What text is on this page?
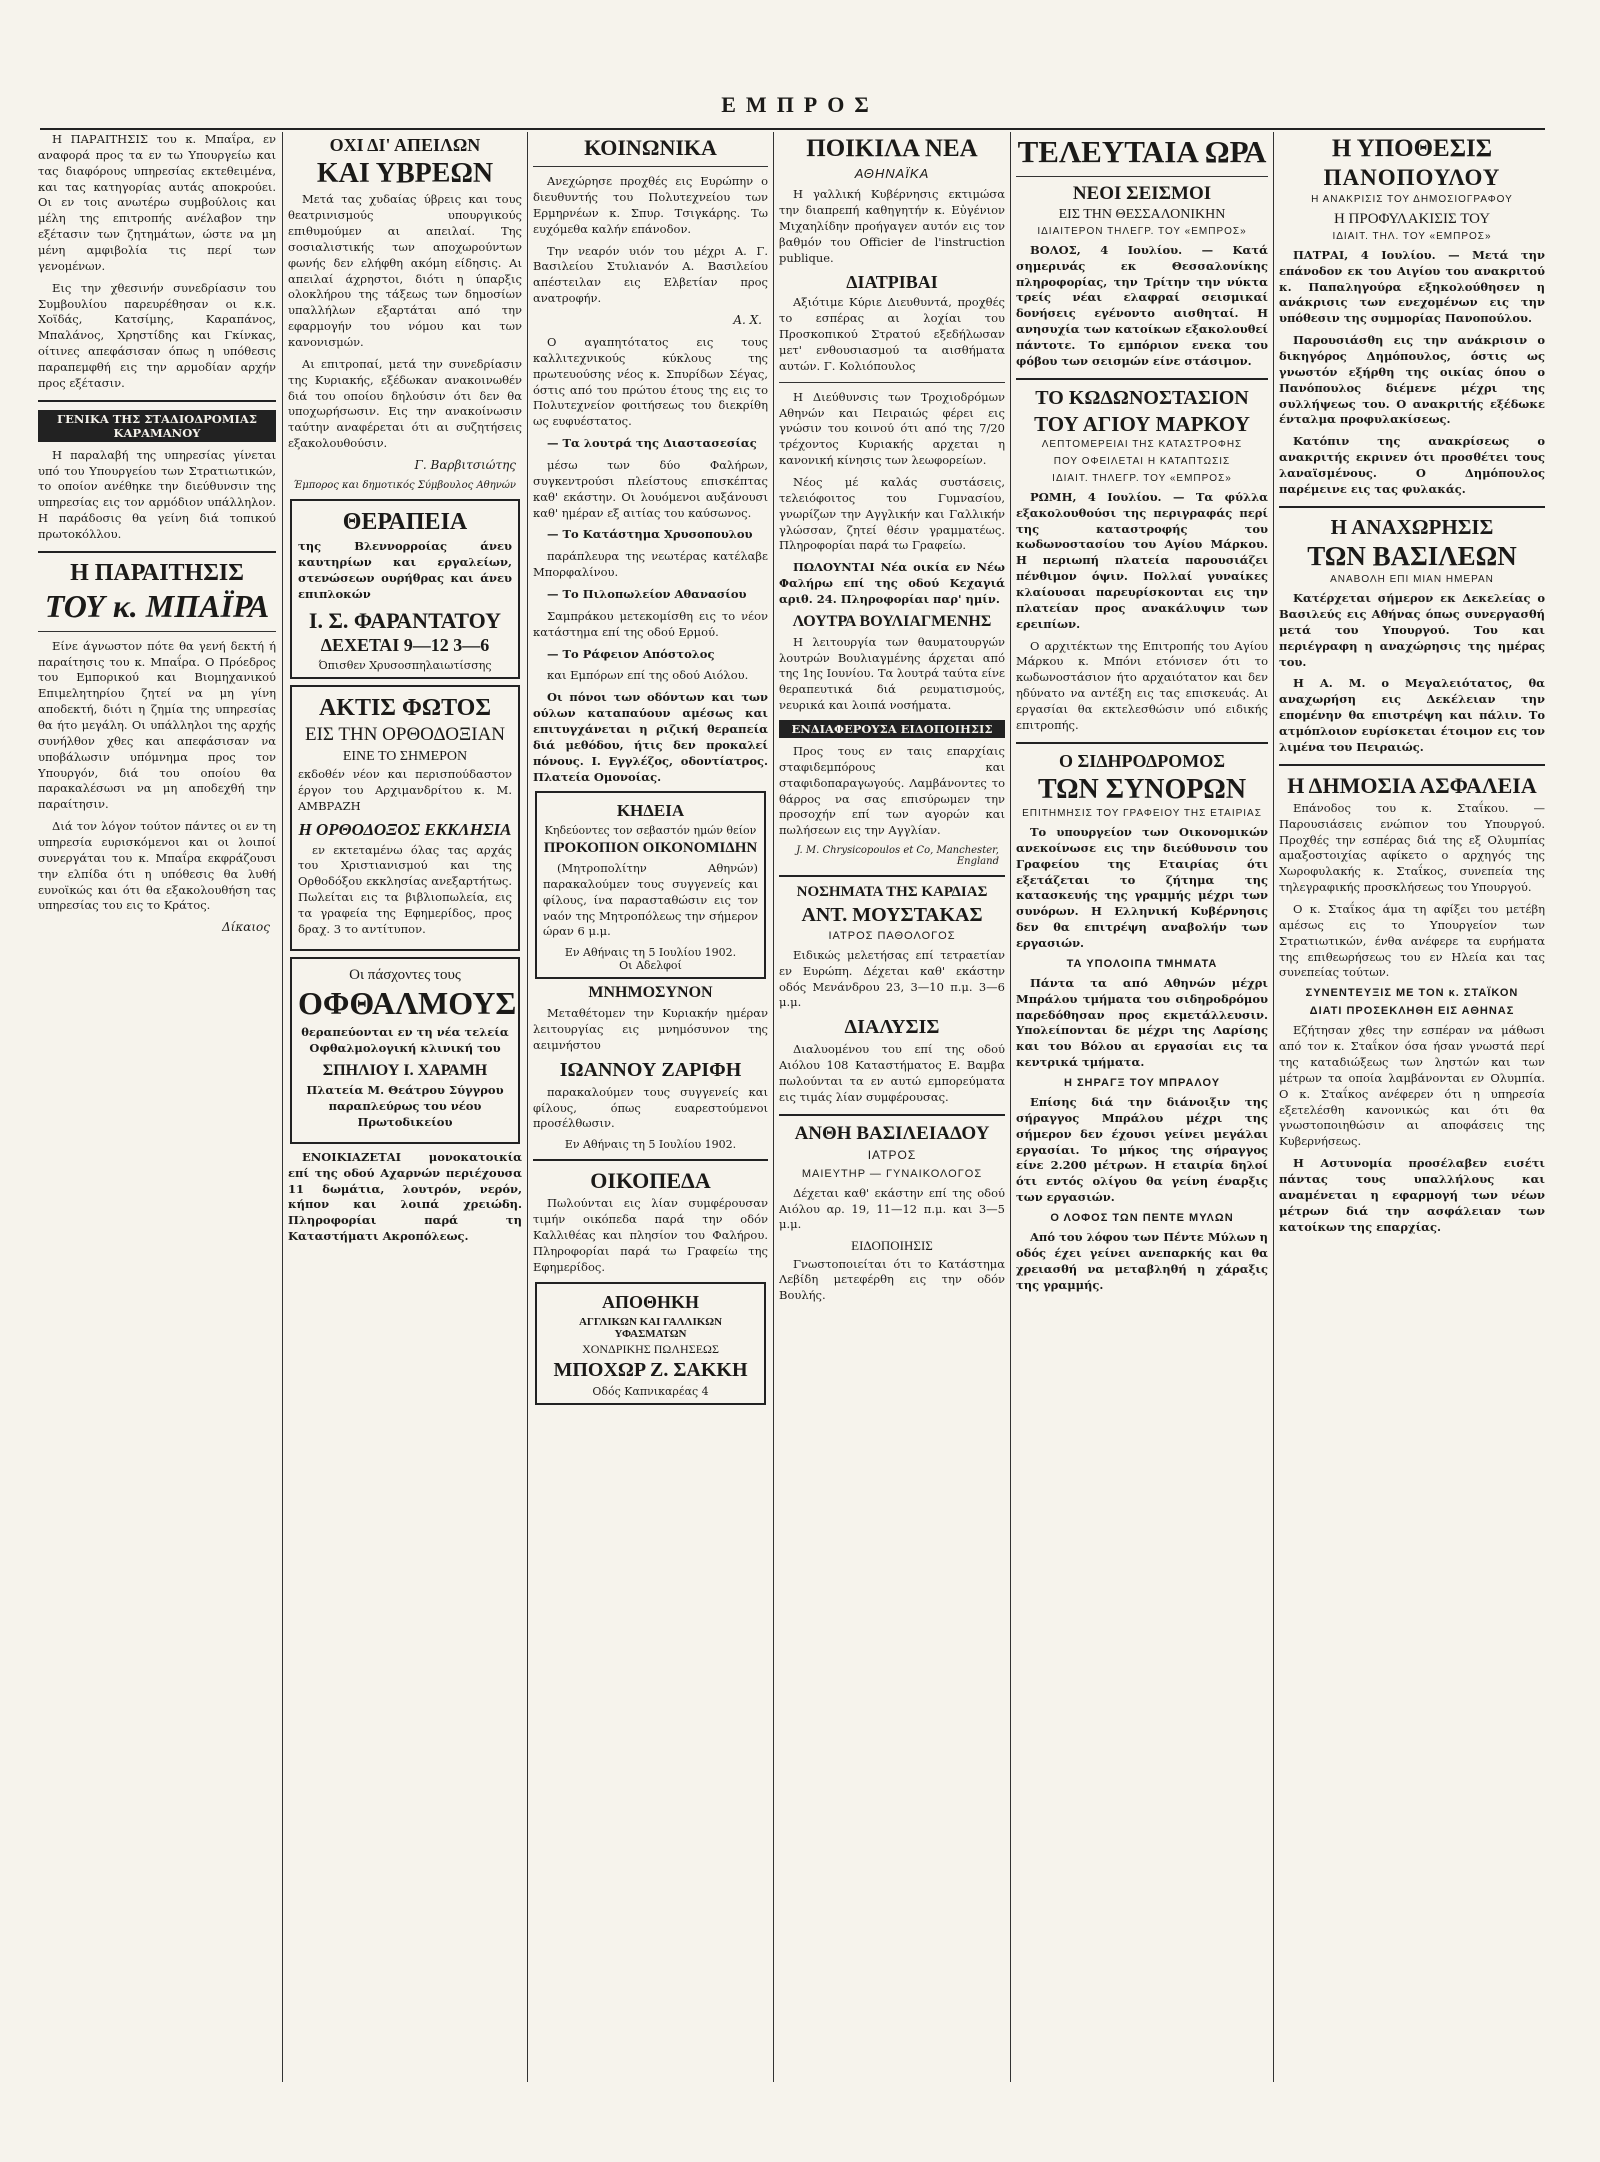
ΕΜΠΡΟΣ
Η ΠΑΡΑΙΤΗΣΙΣ του κ. Μπαΐρα, εν αναφορά προς τα εν τω Υπουργείω και τας διαφόρους υπηρεσίας εκτεθειμένα, και τας κατηγορίας αυτάς αποκρούει. Οι εν τοις ανωτέρω συμβούλοις και μέλη της επιτροπής ανέλαβον την εξέτασιν των ζητημάτων, ώστε να μη μένη αμφιβολία τις περί των γενομένων.
Εις την χθεσινήν συνεδρίασιν του Συμβουλίου παρευρέθησαν οι κ.κ. Χοϊδάς, Κατσίμης, Καραπάνος, Μπαλάνος, Χρηστίδης και Γκίνκας, οίτινες απεφάσισαν όπως η υπόθεσις παραπεμφθή εις την αρμοδίαν αρχήν προς εξέτασιν.
ΓΕΝΙΚΑ ΤΗΣ ΣΤΑΔΙΟΔΡΟΜΙΑΣ ΚΑΡΑΜΑΝΟΥ
Η παραλαβή της υπηρεσίας γίνεται υπό του Υπουργείου των Στρατιωτικών, το οποίον ανέθηκε την διεύθυνσιν της υπηρεσίας εις τον αρμόδιον υπάλληλον. Η παράδοσις θα γείνη διά τοπικού πρωτοκόλλου.
Η ΠΑΡΑΙΤΗΣΙΣ
ΤΟΥ κ. ΜΠΑΪΡΑ
Είνε άγνωστον πότε θα γενή δεκτή ή παραίτησις του κ. Μπαΐρα. Ο Πρόεδρος του Εμπορικού και Βιομηχανικού Επιμελητηρίου ζητεί να μη γίνη αποδεκτή, διότι η ζημία της υπηρεσίας θα ήτο μεγάλη. Οι υπάλληλοι της αρχής συνήλθον χθες και απεφάσισαν να υποβάλωσιν υπόμνημα προς τον Υπουργόν, διά του οποίου θα παρακαλέσωσι να μη αποδεχθή την παραίτησιν.
Διά τον λόγον τούτον πάντες οι εν τη υπηρεσία ευρισκόμενοι και οι λοιποί συνεργάται του κ. Μπαΐρα εκφράζουσι την ελπίδα ότι η υπόθεσις θα λυθή ευνοϊκώς και ότι θα εξακολουθήση τας υπηρεσίας του εις το Κράτος.
Δίκαιος
ΟΧΙ ΔΙ' ΑΠΕΙΛΩΝ
ΚΑΙ ΥΒΡΕΩΝ
Μετά τας χυδαίας ύβρεις και τους θεατρινισμούς υπουργικούς επιθυμούμεν αι απειλαί. Της σοσιαλιστικής των αποχωρούντων φωνής δεν ελήφθη ακόμη είδησις. Αι απειλαί άχρηστοι, διότι η ύπαρξις ολοκλήρου της τάξεως των δημοσίων υπαλλήλων εξαρτάται από την εφαρμογήν του νόμου και των κανονισμών.
Αι επιτροπαί, μετά την συνεδρίασιν της Κυριακής, εξέδωκαν ανακοινωθέν διά του οποίου δηλούσιν ότι δεν θα υποχωρήσωσιν. Εις την ανακοίνωσιν ταύτην αναφέρεται ότι αι συζητήσεις εξακολουθούσιν.
Γ. Βαρβιτσιώτης
Έμπορος και δημοτικός Σύμβουλος Αθηνών
ΘΕΡΑΠΕΙΑ
της Βλεννορροίας άνευ καυτηρίων και εργαλείων, στενώσεων ουρήθρας και άνευ επιπλοκών
Ι. Σ. ΦΑΡΑΝΤΑΤΟΥ
ΔΕΧΕΤΑΙ 9—12 3—6
Όπισθεν Χρυσοσπηλαιωτίσσης
ΑΚΤΙΣ ΦΩΤΟΣ
ΕΙΣ ΤΗΝ ΟΡΘΟΔΟΞΙΑΝ
ΕΙΝΕ ΤΟ ΣΗΜΕΡΟΝ
εκδοθέν νέον και περισπούδαστον έργον του Αρχιμανδρίτου κ. Μ. ΑΜΒΡΑΖΗ
Η ΟΡΘΟΔΟΞΟΣ ΕΚΚΛΗΣΙΑ
εν εκτεταμένω όλας τας αρχάς του Χριστιανισμού και της Ορθοδόξου εκκλησίας ανεξαρτήτως. Πωλείται εις τα βιβλιοπωλεία, εις τα γραφεία της Εφημερίδος, προς δραχ. 3 το αντίτυπον.
Οι πάσχοντες τους
ΟΦΘΑΛΜΟΥΣ
θεραπεύονται εν τη νέα τελεία Οφθαλμολογική κλινική του
ΣΠΗΛΙΟΥ Ι. ΧΑΡΑΜΗ
Πλατεία Μ. Θεάτρου Σύγγρου παραπλεύρως του νέου Πρωτοδικείου
ΕΝΟΙΚΙΑΖΕΤΑΙ μονοκατοικία επί της οδού Αχαρνών περιέχουσα 11 δωμάτια, λουτρόν, νερόν, κήπον και λοιπά χρειώδη. Πληροφορίαι παρά τη Καταστήματι Ακροπόλεως.
ΚΟΙΝΩΝΙΚΑ
Ανεχώρησε προχθές εις Ευρώπην ο διευθυντής του Πολυτεχνείου των Ερμηρνέων κ. Σπυρ. Τσιγκάρης. Τω ευχόμεθα καλήν επάνοδον.
Την νεαρόν υιόν του μέχρι Α. Γ. Βασιλείου Στυλιανόν Α. Βασιλείου απέστειλαν εις Ελβετίαν προς ανατροφήν.
Α. Χ.
Ο αγαπητότατος εις τους καλλιτεχνικούς κύκλους της πρωτευούσης νέος κ. Σπυρίδων Σέγας, όστις από του πρώτου έτους της εις το Πολυτεχνείον φοιτήσεως του διεκρίθη ως ευφυέστατος.
— Τα λουτρά της Διαστασεσίας
μέσω των δύο Φαλήρων, συγκεντρούσι πλείστους επισκέπτας καθ' εκάστην. Οι λουόμενοι αυξάνουσι καθ' ημέραν εξ αιτίας του καύσωνος.
— Το Κατάστημα Χρυσοπουλου
παράπλευρα της νεωτέρας κατέλαβε Μπορφαλίνου.
— Το Πιλοπωλείον Αθανασίου
Σαμπράκου μετεκομίσθη εις το νέον κατάστημα επί της οδού Ερμού.
— Το Ράφειον Απόστολος
και Εμπόρων επί της οδού Αιόλου.
Οι πόνοι των οδόντων και των ούλων καταπαύουν αμέσως και επιτυγχάνεται η ριζική θεραπεία διά μεθόδου, ήτις δεν προκαλεί πόνους. Ι. Εγγλέζος, οδοντίατρος. Πλατεία Ομονοίας.
ΚΗΔΕΙΑ
Κηδεύοντες τον σεβαστόν ημών θείον
ΠΡΟΚΟΠΙΟΝ ΟΙΚΟΝΟΜΙΔΗΝ
(Μητροπολίτην Αθηνών) παρακαλούμεν τους συγγενείς και φίλους, ίνα παρασταθώσιν εις τον ναόν της Μητροπόλεως την σήμερον ώραν 6 μ.μ.
Εν Αθήναις τη 5 Ιουλίου 1902.
Οι Αδελφοί
ΜΝΗΜΟΣΥΝΟΝ
Μεταθέτομεν την Κυριακήν ημέραν λειτουργίας εις μνημόσυνον της αειμνήστου
ΙΩΑΝΝΟΥ ΖΑΡΙΦΗ
παρακαλούμεν τους συγγενείς και φίλους, όπως ευαρεστούμενοι προσέλθωσιν.
Εν Αθήναις τη 5 Ιουλίου 1902.
ΟΙΚΟΠΕΔΑ
Πωλούνται εις λίαν συμφέρουσαν τιμήν οικόπεδα παρά την οδόν Καλλιθέας και πλησίον του Φαλήρου. Πληροφορίαι παρά τω Γραφείω της Εφημερίδος.
ΑΠΟΘΗΚΗ
ΑΓΓΛΙΚΩΝ ΚΑΙ ΓΑΛΛΙΚΩΝ ΥΦΑΣΜΑΤΩΝ
ΧΟΝΔΡΙΚΗΣ ΠΩΛΗΣΕΩΣ
ΜΠΟΧΩΡ Ζ. ΣΑΚΚΗ
Οδός Καπνικαρέας 4
ΠΟΙΚΙΛΑ ΝΕΑ
ΑΘΗΝΑΪΚΑ
Η γαλλική Κυβέρνησις εκτιμώσα την διαπρεπή καθηγητήν κ. Εὐγένιον Μιχαηλίδην προήγαγεν αυτόν εις τον βαθμόν του Officier de l'instruction publique.
ΔΙΑΤΡΙΒΑΙ
Αξιότιμε Κύριε Διευθυντά, προχθές το εσπέρας αι λοχίαι του Προσκοπικού Στρατού εξεδήλωσαν μετ' ενθουσιασμού τα αισθήματα αυτών. Γ. Κολιόπουλος
Η Διεύθυνσις των Τροχιοδρόμων Αθηνών και Πειραιώς φέρει εις γνώσιν του κοινού ότι από της 7/20 τρέχοντος Κυριακής αρχεται η κανονική κίνησις των λεωφορείων.
Νέος μέ καλάς συστάσεις, τελειόφοιτος του Γυμνασίου, γνωρίζων την Αγγλικήν και Γαλλικήν γλώσσαν, ζητεί θέσιν γραμματέως. Πληροφορίαι παρά τω Γραφείω.
ΠΩΛΟΥΝΤΑΙ Νέα οικία εν Νέω Φαλήρω επί της οδού Κεχαγιά αριθ. 24. Πληροφορίαι παρ' ημίν.
ΛΟΥΤΡΑ ΒΟΥΛΙΑΓΜΕΝΗΣ
Η λειτουργία των θαυματουργών λουτρών Βουλιαγμένης άρχεται από της 1ης Ιουνίου. Τα λουτρά ταύτα είνε θεραπευτικά διά ρευματισμούς, νευρικά και λοιπά νοσήματα.
ΕΝΔΙΑΦΕΡΟΥΣΑ ΕΙΔΟΠΟΙΗΣΙΣ
Προς τους εν ταις επαρχίαις σταφιδεμπόρους και σταφιδοπαραγωγούς. Λαμβάνοντες το θάρρος να σας επισύρωμεν την προσοχήν επί των αγορών και πωλήσεων εις την Αγγλίαν.
J. M. Chrysicopoulos et Co, Manchester, England
ΝΟΣΗΜΑΤΑ ΤΗΣ ΚΑΡΔΙΑΣ
ΑΝΤ. ΜΟΥΣΤΑΚΑΣ
ΙΑΤΡΟΣ ΠΑΘΟΛΟΓΟΣ
Ειδικώς μελετήσας επί τετραετίαν εν Ευρώπη. Δέχεται καθ' εκάστην οδός Μενάνδρου 23, 3—10 π.μ. 3—6 μ.μ.
ΔΙΑΛΥΣΙΣ
Διαλυομένου του επί της οδού Αιόλου 108 Καταστήματος Ε. Βαμβα πωλούνται τα εν αυτώ εμπορεύματα εις τιμάς λίαν συμφέρουσας.
ΑΝΘΗ ΒΑΣΙΛΕΙΑΔΟΥ
ΙΑΤΡΟΣ
ΜΑΙΕΥΤΗΡ — ΓΥΝΑΙΚΟΛΟΓΟΣ
Δέχεται καθ' εκάστην επί της οδού Αιόλου αρ. 19, 11—12 π.μ. και 3—5 μ.μ.
ΕΙΔΟΠΟΙΗΣΙΣ
Γνωστοποιείται ότι το Κατάστημα Λεβίδη μετεφέρθη εις την οδόν Βουλής.
ΤΕΛΕΥΤΑΙΑ ΩΡΑ
ΝΕΟΙ ΣΕΙΣΜΟΙ
ΕΙΣ ΤΗΝ ΘΕΣΣΑΛΟΝΙΚΗΝ
ΙΔΙΑΙΤΕΡΟΝ ΤΗΛΕΓΡ. ΤΟΥ «ΕΜΠΡΟΣ»
ΒΟΛΟΣ, 4 Ιουλίου. — Κατά σημερινάς εκ Θεσσαλονίκης πληροφορίας, την Τρίτην την νύκτα τρείς νέαι ελαφραί σεισμικαί δονήσεις εγένοντο αισθηταί. Η ανησυχία των κατοίκων εξακολουθεί πάντοτε. Το εμπόριον ενεκα του φόβου των σεισμών είνε στάσιμον.
ΤΟ ΚΩΔΩΝΟΣΤΑΣΙΟΝ
ΤΟΥ ΑΓΙΟΥ ΜΑΡΚΟΥ
ΛΕΠΤΟΜΕΡΕΙΑΙ ΤΗΣ ΚΑΤΑΣΤΡΟΦΗΣ
ΠΟΥ ΟΦΕΙΛΕΤΑΙ Η ΚΑΤΑΠΤΩΣΙΣ
ΙΔΙΑΙΤ. ΤΗΛΕΓΡ. ΤΟΥ «ΕΜΠΡΟΣ»
ΡΩΜΗ, 4 Ιουλίου. — Τα φύλλα εξακολουθούσι της περιγραφάς περί της καταστροφής του κωδωνοστασίου του Αγίου Μάρκου. Η περιωπή πλατεία παρουσιάζει πένθιμον όψιν. Πολλαί γυναίκες κλαίουσαι παρευρίσκονται εις την πλατείαν προς ανακάλυψιν των ερειπίων.
Ο αρχιτέκτων της Επιτροπής του Αγίου Μάρκου κ. Μπόνι ετόνισεν ότι το κωδωνοστάσιον ήτο αρχαιότατον και δεν ηδύνατο να αντέξη εις τας επισκευάς. Αι εργασίαι θα εκτελεσθώσιν υπό ειδικής επιτροπής.
Ο ΣΙΔΗΡΟΔΡΟΜΟΣ
ΤΩΝ ΣΥΝΟΡΩΝ
ΕΠΙΤΗΜΗΣΙΣ ΤΟΥ ΓΡΑΦΕΙΟΥ ΤΗΣ ΕΤΑΙΡΙΑΣ
Το υπουργείον των Οικονομικών ανεκοίνωσε εις την διεύθυνσιν του Γραφείου της Εταιρίας ότι εξετάζεται το ζήτημα της κατασκευής της γραμμής μέχρι των συνόρων. Η Ελληνική Κυβέρνησις δεν θα επιτρέψη αναβολήν των εργασιών.
ΤΑ ΥΠΟΛΟΙΠΑ ΤΜΗΜΑΤΑ
Πάντα τα από Αθηνών μέχρι Μπράλου τμήματα του σιδηροδρόμου παρεδόθησαν προς εκμετάλλευσιν. Υπολείπονται δε μέχρι της Λαρίσης και του Βόλου αι εργασίαι εις τα κεντρικά τμήματα.
Η ΣΗΡΑΓΞ ΤΟΥ ΜΠΡΑΛΟΥ
Επίσης διά την διάνοιξιν της σήραγγος Μπράλου μέχρι της σήμερον δεν έχουσι γείνει μεγάλαι εργασίαι. Το μήκος της σήραγγος είνε 2.200 μέτρων. Η εταιρία δηλοί ότι εντός ολίγου θα γείνη έναρξις των εργασιών.
Ο ΛΟΦΟΣ ΤΩΝ ΠΕΝΤΕ ΜΥΛΩΝ
Από του λόφου των Πέντε Μύλων η οδός έχει γείνει ανεπαρκής και θα χρειασθή να μεταβληθή η χάραξις της γραμμής.
Η ΥΠΟΘΕΣΙΣ
ΠΑΝΟΠΟΥΛΟΥ
Η ΑΝΑΚΡΙΣΙΣ ΤΟΥ ΔΗΜΟΣΙΟΓΡΑΦΟΥ
Η ΠΡΟΦΥΛΑΚΙΣΙΣ ΤΟΥ
ΙΔΙΑΙΤ. ΤΗΛ. ΤΟΥ «ΕΜΠΡΟΣ»
ΠΑΤΡΑΙ, 4 Ιουλίου. — Μετά την επάνοδον εκ του Αιγίου του ανακριτού κ. Παπαληγούρα εξηκολούθησεν η ανάκρισις των ενεχομένων εις την υπόθεσιν της συμμορίας Πανοπούλου.
Παρουσιάσθη εις την ανάκρισιν ο δικηγόρος Δημόπουλος, όστις ως γνωστόν εξήρθη της οικίας όπου ο Πανόπουλος διέμενε μέχρι της συλλήψεως του. Ο ανακριτής εξέδωκε ένταλμα προφυλακίσεως.
Κατόπιν της ανακρίσεως ο ανακριτής εκρινεν ότι προσθέτει τους λαναϊσμένους. Ο Δημόπουλος παρέμεινε εις τας φυλακάς.
Η ΑΝΑΧΩΡΗΣΙΣ
ΤΩΝ ΒΑΣΙΛΕΩΝ
ΑΝΑΒΟΛΗ ΕΠΙ ΜΙΑΝ ΗΜΕΡΑΝ
Κατέρχεται σήμερον εκ Δεκελείας ο Βασιλεύς εις Αθήνας όπως συνεργασθή μετά του Υπουργού. Του και περιέγραφη η αναχώρησις της ημέρας του.
Η Α. Μ. ο Μεγαλειότατος, θα αναχωρήση εις Δεκέλειαν την επομένην θα επιστρέψη και πάλιν. Το ατμόπλοιον ευρίσκεται έτοιμον εις τον λιμένα του Πειραιώς.
Η ΔΗΜΟΣΙΑ ΑΣΦΑΛΕΙΑ
Επάνοδος του κ. Σταΐκου. — Παρουσιάσεις ενώπιον του Υπουργού. Προχθές την εσπέρας διά της εξ Ολυμπίας αμαξοστοιχίας αφίκετο ο αρχηγός της Χωροφυλακής κ. Σταΐκος, συνεπεία της τηλεγραφικής προσκλήσεως του Υπουργού.
Ο κ. Σταΐκος άμα τη αφίξει του μετέβη αμέσως εις το Υπουργείον των Στρατιωτικών, ένθα ανέφερε τα ευρήματα της επιθεωρήσεως του εν Ηλεία και τας συνεπείας τούτων.
ΣΥΝΕΝΤΕΥΞΙΣ ΜΕ ΤΟΝ κ. ΣΤΑΪΚΟΝ
ΔΙΑΤΙ ΠΡΟΣΕΚΛΗΘΗ ΕΙΣ ΑΘΗΝΑΣ
Εζήτησαν χθες την εσπέραν να μάθωσι από τον κ. Σταΐκον όσα ήσαν γνωστά περί της καταδιώξεως των ληστών και των μέτρων τα οποία λαμβάνονται εν Ολυμπία. Ο κ. Σταΐκος ανέφερεν ότι η υπηρεσία εξετελέσθη κανονικώς και ότι θα γνωστοποιηθώσιν αι αποφάσεις της Κυβερνήσεως.
Η Αστυνομία προσέλαβεν εισέτι πάντας τους υπαλλήλους και αναμένεται η εφαρμογή των νέων μέτρων διά την ασφάλειαν των κατοίκων της επαρχίας.
